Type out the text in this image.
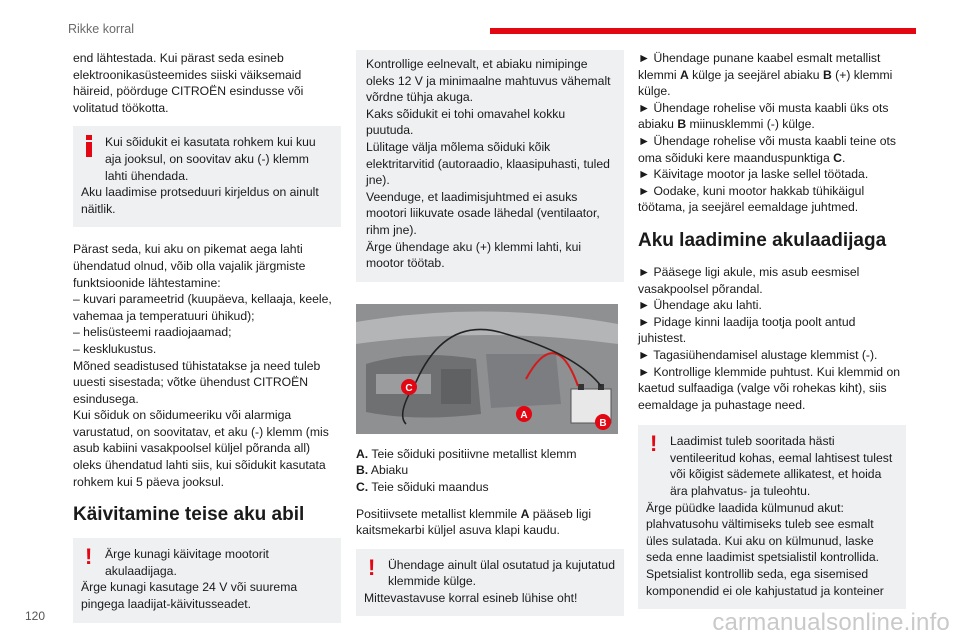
Rikke korral

end lähtestada. Kui pärast seda esineb elektroonikasüsteemides siiski väiksemaid häireid, pöörduge CITROËN esindusse või volitatud töökotta.

Kui sõidukit ei kasutata rohkem kui kuu aja jooksul, on soovitav aku (-) klemm lahti ühendada.
Aku laadimise protseduuri kirjeldus on ainult näitlik.
Pärast seda, kui aku on pikemat aega lahti ühendatud olnud, võib olla vajalik järgmiste funktsioonide lähtestamine:
– kuvari parameetrid (kuupäeva, kellaaja, keele, vahemaa ja temperatuuri ühikud);
– helisüsteemi raadiojaamad;
– kesklukustus.
Mõned seadistused tühistatakse ja need tuleb uuesti sisestada; võtke ühendust CITROËN esindusega.
Kui sõiduk on sõidumeeriku või alarmiga varustatud, on soovitatav, et aku (-) klemm (mis asub kabiini vasakpoolsel küljel põranda all) oleks ühendatud lahti siis, kui sõidukit kasutata rohkem kui 5 päeva jooksul.
Käivitamine teise aku abil
!	Ärge kunagi käivitage mootorit akulaadijaga.
Ärge kunagi kasutage 24 V või suurema pingega laadijat-käivitusseadet.
Kontrollige eelnevalt, et abiaku nimipinge oleks 12 V ja minimaalne mahtuvus vähemalt võrdne tühja akuga.
Kaks sõidukit ei tohi omavahel kokku puutuda.
Lülitage välja mõlema sõiduki kõik elektritarvitid (autoraadio, klaasipuhasti, tuled jne).
Veenduge, et laadimisjuhtmed ei asuks mootori liikuvate osade lähedal (ventilaator, rihm jne).
Ärge ühendage aku (+) klemmi lahti, kui mootor töötab.
C
A
B
A. Teie sõiduki positiivne metallist klemm
B. Abiaku
C. Teie sõiduki maandus

Positiivsete metallist klemmile A pääseb ligi kaitsmekarbi küljel asuva klapi kaudu.

!	Ühendage ainult ülal osutatud ja kujutatud klemmide külge.
Mittevastavuse korral esineb lühise oht!
► Ühendage punane kaabel esmalt metallist klemmi A külge ja seejärel abiaku B (+) klemmi külge.
► Ühendage rohelise või musta kaabli üks ots abiaku B miinusklemmi (-) külge.
► Ühendage rohelise või musta kaabli teine ots oma sõiduki kere maanduspunktiga C.
► Käivitage mootor ja laske sellel töötada.
► Oodake, kuni mootor hakkab tühikäigul töötama, ja seejärel eemaldage juhtmed.
Aku laadimine akulaadijaga
► Pääsege ligi akule, mis asub eesmisel vasakpoolsel põrandal.
► Ühendage aku lahti.
► Pidage kinni laadija tootja poolt antud juhistest.
► Tagasiühendamisel alustage klemmist (-).
► Kontrollige klemmide puhtust. Kui klemmid on kaetud sulfaadiga (valge või rohekas kiht), siis eemaldage ja puhastage need.
!	Laadimist tuleb sooritada hästi ventileeritud kohas, eemal lahtisest tulest või kõigist sädemete allikatest, et hoida ära plahvatus- ja tuleohtu.
Ärge püüdke laadida külmunud akut: plahvatusohu vältimiseks tuleb see esmalt üles sulatada. Kui aku on külmunud, laske seda enne laadimist spetsialistil kontrollida. Spetsialist kontrollib seda, ega sisemised komponendid ei ole kahjustatud ja konteiner
120	carmanualsonline.info
